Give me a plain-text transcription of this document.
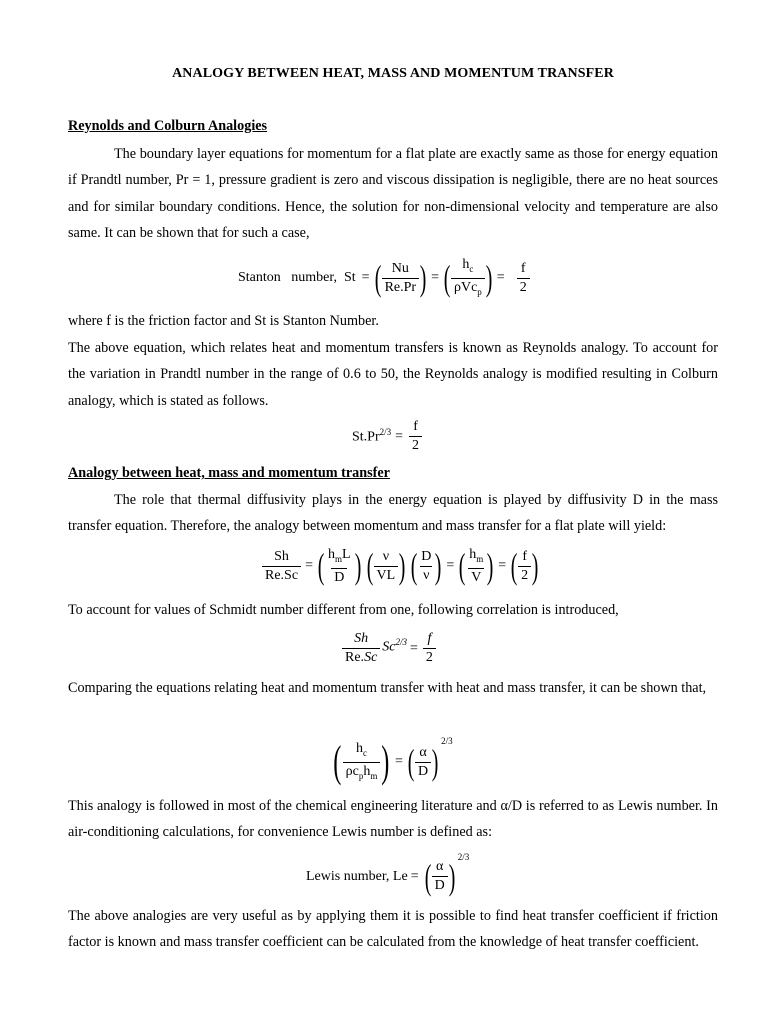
ANALOGY BETWEEN HEAT, MASS AND MOMENTUM TRANSFER
Reynolds and Colburn Analogies

The boundary layer equations for momentum for a flat plate are exactly same as those for energy equation if Prandtl number, Pr = 1, pressure gradient is zero and viscous dissipation is negligible, there are no heat sources and for similar boundary conditions. Hence, the solution for non-dimensional velocity and temperature are also same. It can be shown that for such a case,

Stanton   number,  St = ( $\frac{Nu}{Re.Pr}$ ) = ( $\frac{h_c}{\rho Vc_p}$ ) = $\frac{f}{2}$

where f is the friction factor and St is Stanton Number.

The above equation, which relates heat and momentum transfers is known as Reynolds analogy. To account for the variation in Prandtl number in the range of 0.6 to 50, the Reynolds analogy is modified resulting in Colburn analogy, which is stated as follows.

$St.Pr^{2/3} = \frac{f}{2}$
Analogy between heat, mass and momentum transfer

The role that thermal diffusivity plays in the energy equation is played by diffusivity D in the mass transfer equation. Therefore, the analogy between momentum and mass transfer for a flat plate will yield:

$\frac{Sh}{Re.Sc}$ = ( $\frac{h_mL}{D}$ ) ( $\frac{\nu}{VL}$ ) ( $\frac{D}{\nu}$ ) = ( $\frac{h_m}{V}$ ) = ( $\frac{f}{2}$ )

To account for values of Schmidt number different from one, following correlation is introduced,

$\frac{Sh}{Re.Sc} Sc^{2/3} = \frac{f}{2}$

Comparing the equations relating heat and momentum transfer with heat and mass transfer, it can be shown that,

( $\frac{h_c}{\rho c_ph_m}$ ) = ( $\frac{\alpha}{D}$ )
$^{2/3}$

This analogy is followed in most of the chemical engineering literature and α/D is referred to as Lewis number. In air-conditioning calculations, for convenience Lewis number is defined as:

Lewis number, Le = ( $\frac{\alpha}{D}$ ) $^{2/3}$

The above analogies are very useful as by applying them it is possible to find heat transfer coefficient if friction factor is known and mass transfer coefficient can be calculated from the knowledge of heat transfer coefficient.
